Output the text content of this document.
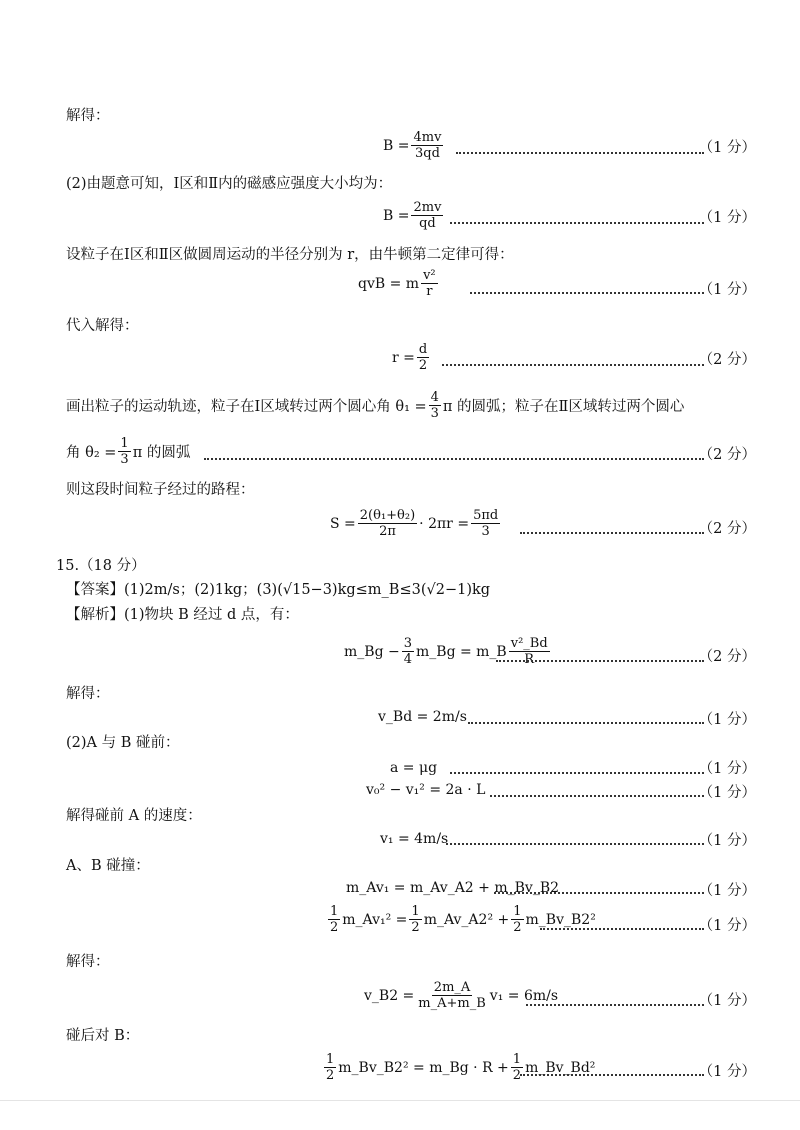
解得：
$B = \frac{4mv}{3qd}$	（1 分）
(2)由题意可知，Ⅰ区和Ⅱ内的磁感应强度大小均为：
$B = \frac{2mv}{qd}$	（1 分）
设粒子在Ⅰ区和Ⅱ区做圆周运动的半径分别为 r，由牛顿第二定律可得：
qvB = m $\frac{\text{v²}}{r}$	（1 分）
代入解得：
$r = \frac{d}{2}$	（2 分）
画出粒子的运动轨迹，粒子在Ⅰ区域转过两个圆心角 $\theta_1 = \frac{4}{3}$ π 的圆弧；粒子在Ⅱ区域转过两个圆心
角 $\theta_2 = \frac{1}{3}$ π 的圆弧	（2 分）
则这段时间粒子经过的路程：
$S = \frac{\text{2(θ₁+θ₂)}}{2\pi} \cdot 2\pi r = \frac{5\pi d}{3}$	（2 分）
15.（18 分）
【答案】(1)2m/s；(2)1kg；(3)(√15−3)kg≤m_B≤3(√2−1)kg
【解析】(1)物块 B 经过 d 点，有：
m_Bg − $\frac{3}{4}$ m_Bg = m_B $\frac{\text{v²\_Bd}}{R}$	（2 分）
解得：
v_Bd = 2m/s	（1 分）
(2)A 与 B 碰前：
a = μg	（1 分）
v₀² − v₁² = 2a · L	（1 分）
解得碰前 A 的速度：
v₁ = 4m/s	（1 分）
A、B 碰撞：
m_Av₁ = m_Av_A2 + m_Bv_B2	（1 分）
$\frac{1}{2}$ m_Av₁² = $\frac{1}{2}$ m_Av_A2² + $\frac{1}{2}$ m_Bv_B2²	（1 分）
解得：
v_B2 = $\frac{2m\_A}{m\_A+m\_B} v_1 = 6m/s$	（1 分）
碰后对 B：
$\frac{1}{2}$ m_Bv_B2² = m_Bg · $R + \frac{1}{2}$ m_Bv_Bd²	（1 分）
